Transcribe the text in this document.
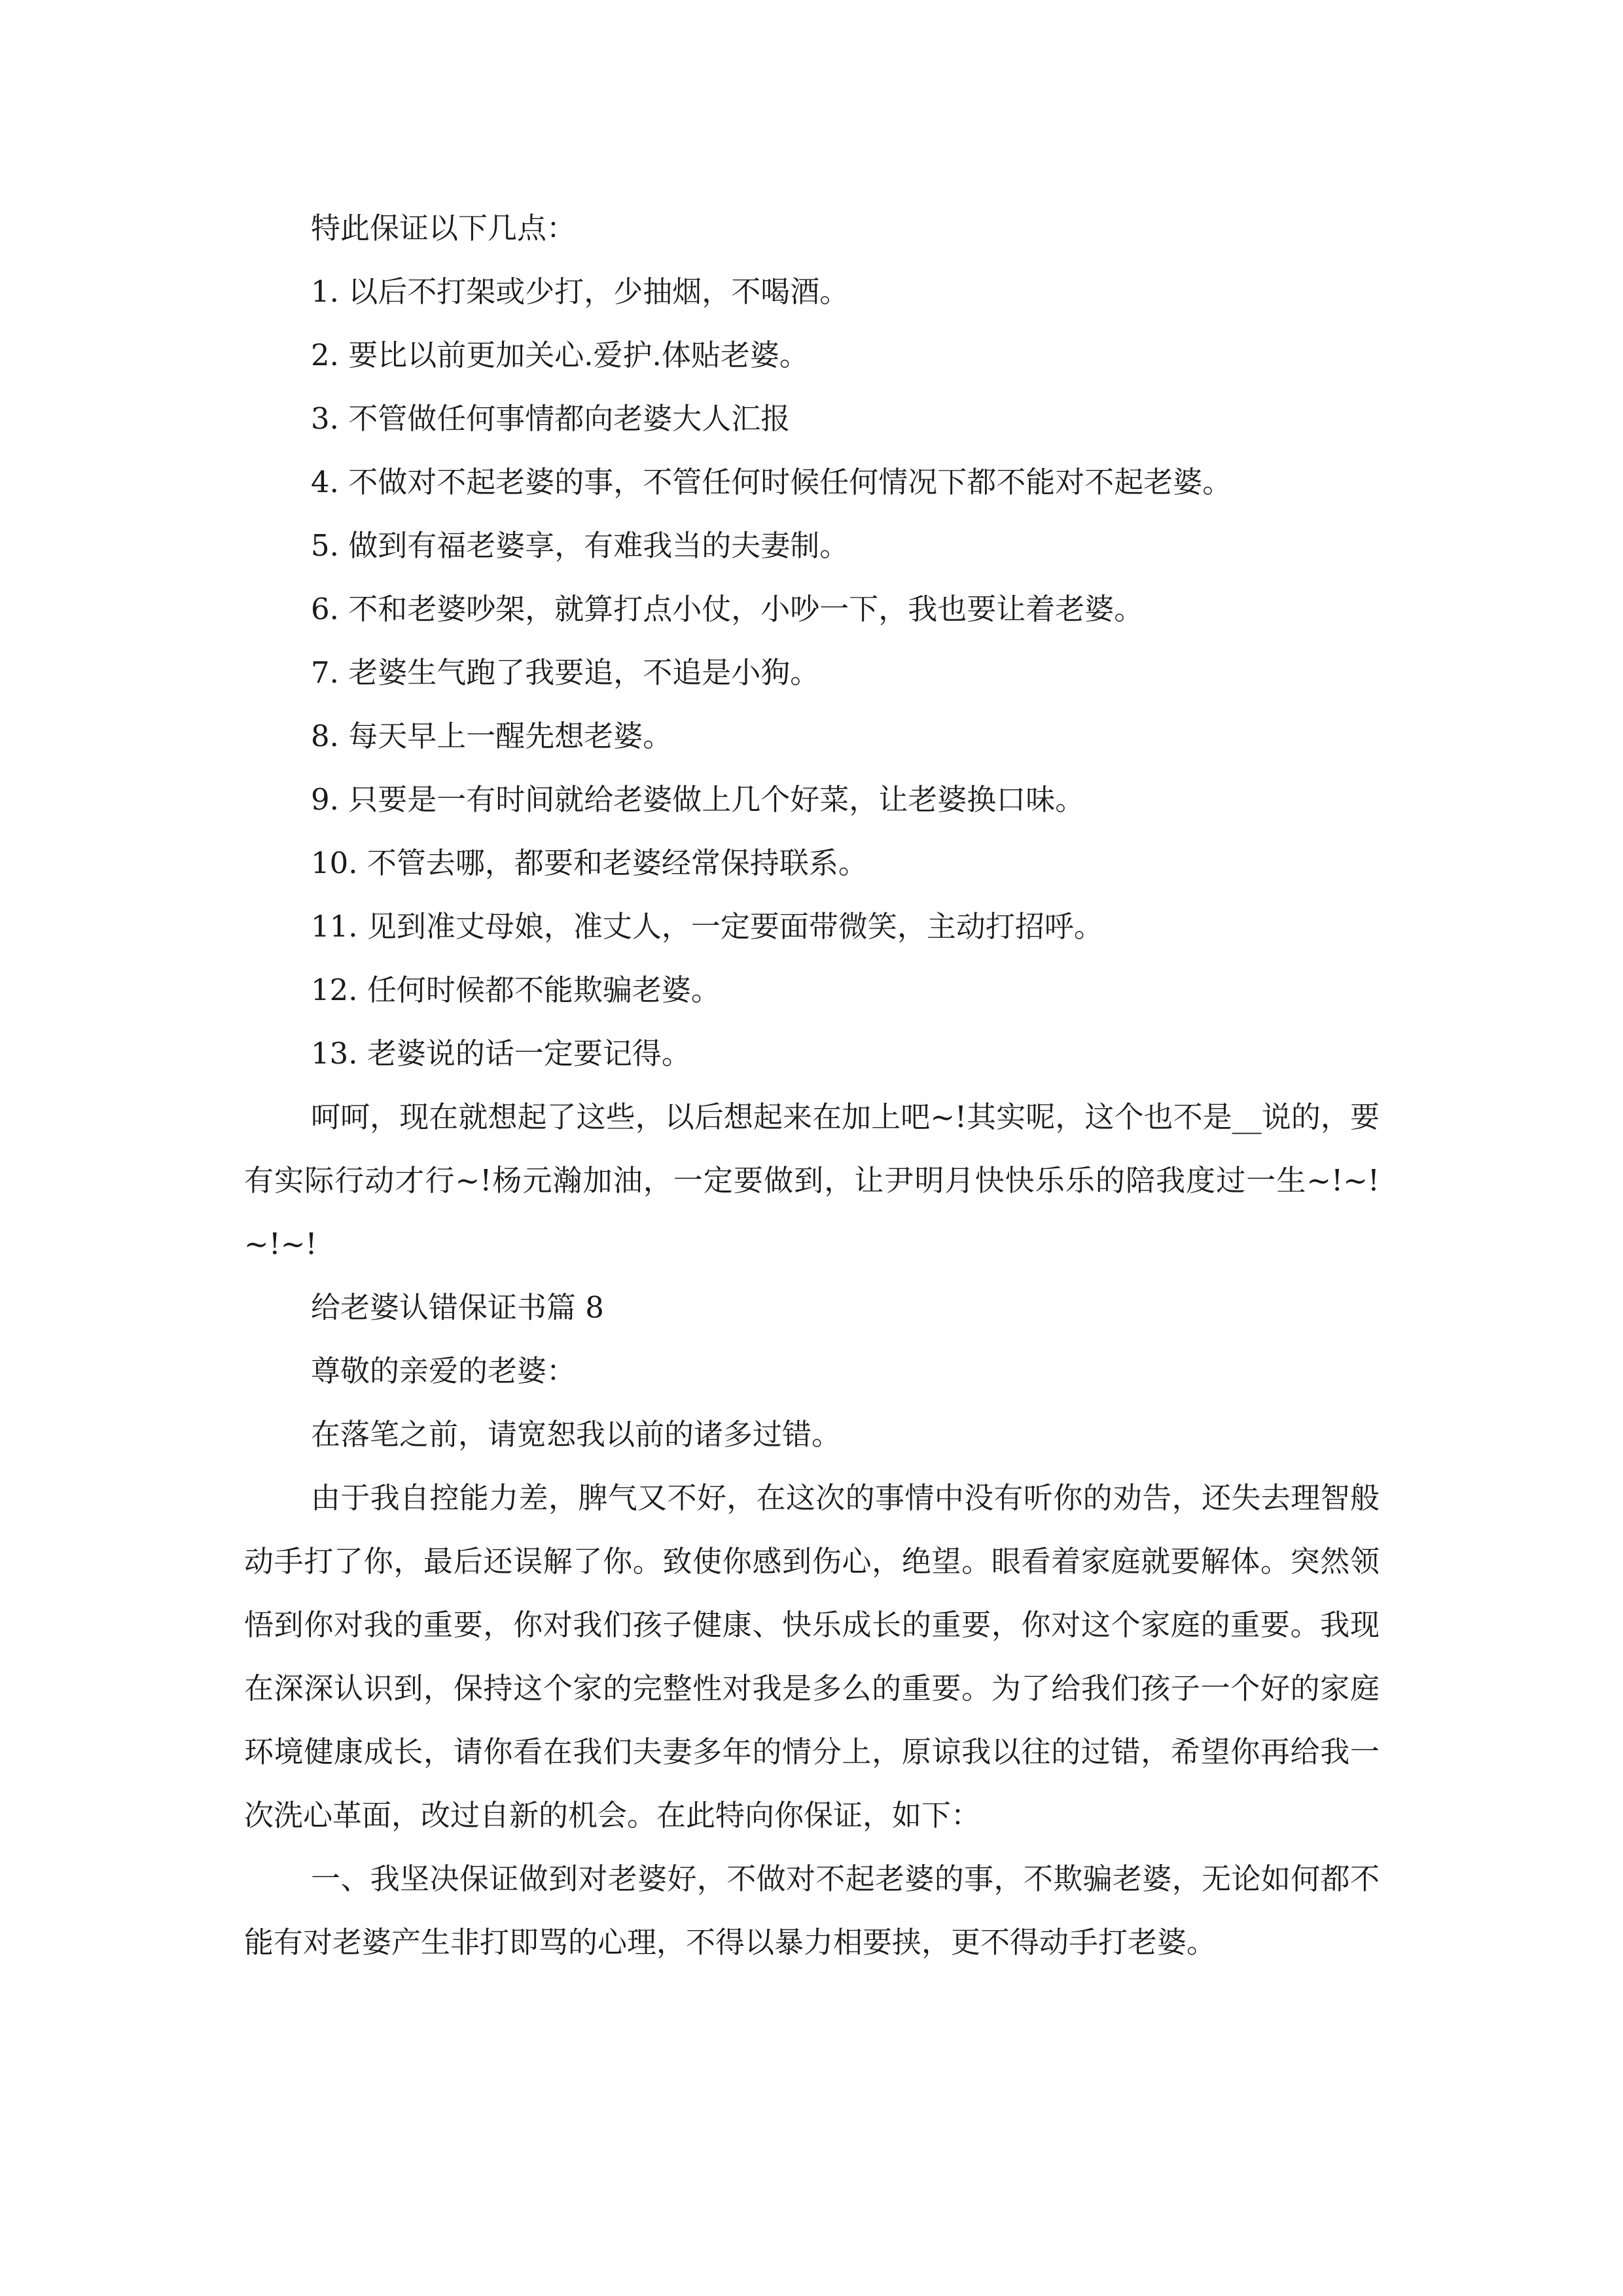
特此保证以下几点：

1. 以后不打架或少打，少抽烟，不喝酒。

2. 要比以前更加关心.爱护.体贴老婆。

3. 不管做任何事情都向老婆大人汇报

4. 不做对不起老婆的事，不管任何时候任何情况下都不能对不起老婆。

5. 做到有福老婆享，有难我当的夫妻制。

6. 不和老婆吵架，就算打点小仗，小吵一下，我也要让着老婆。

7. 老婆生气跑了我要追，不追是小狗。

8. 每天早上一醒先想老婆。

9. 只要是一有时间就给老婆做上几个好菜，让老婆换口味。

10. 不管去哪，都要和老婆经常保持联系。

11. 见到准丈母娘，准丈人，一定要面带微笑，主动打招呼。

12. 任何时候都不能欺骗老婆。

13. 老婆说的话一定要记得。

呵呵，现在就想起了这些，以后想起来在加上吧~!其实呢，这个也不是__说的，要有实际行动才行~!杨元瀚加油，一定要做到，让尹明月快快乐乐的陪我度过一生~!~!~!~!

给老婆认错保证书篇 8

尊敬的亲爱的老婆：

在落笔之前，请宽恕我以前的诸多过错。

由于我自控能力差，脾气又不好，在这次的事情中没有听你的劝告，还失去理智般动手打了你，最后还误解了你。致使你感到伤心，绝望。眼看着家庭就要解体。突然领悟到你对我的重要，你对我们孩子健康、快乐成长的重要，你对这个家庭的重要。我现在深深认识到，保持这个家的完整性对我是多么的重要。为了给我们孩子一个好的家庭环境健康成长，请你看在我们夫妻多年的情分上，原谅我以往的过错，希望你再给我一次洗心革面，改过自新的机会。在此特向你保证，如下：

一、我坚决保证做到对老婆好，不做对不起老婆的事，不欺骗老婆，无论如何都不能有对老婆产生非打即骂的心理，不得以暴力相要挟，更不得动手打老婆。
